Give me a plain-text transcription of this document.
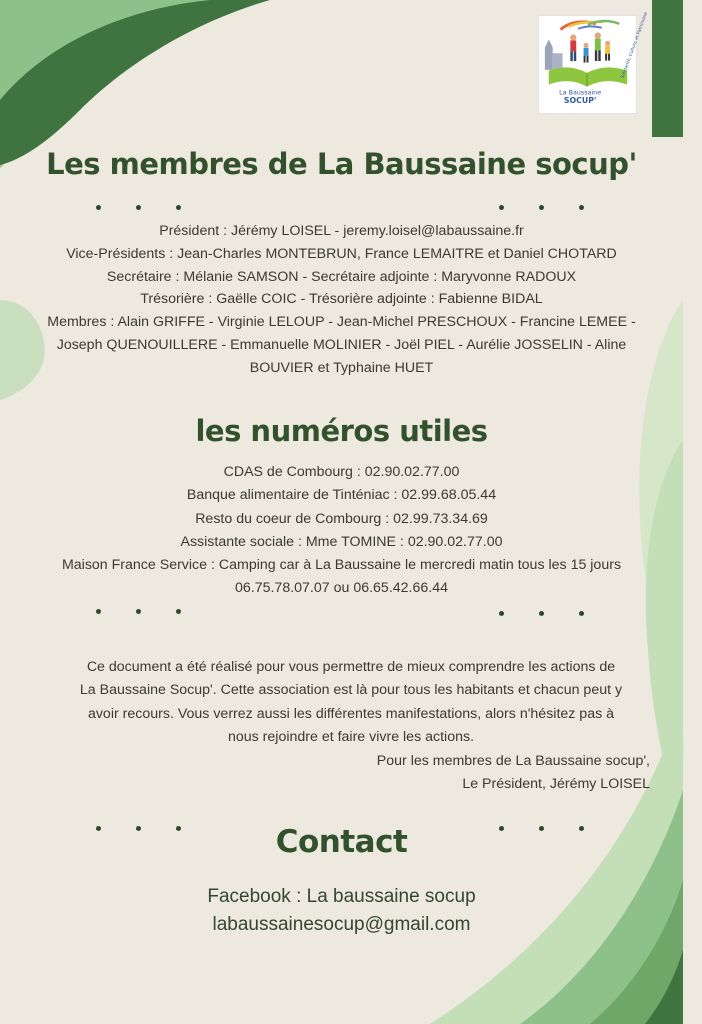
La Baussaine
SOCUP'
Solidarité, Culture et Patrimoine
Les membres de La Baussaine socup'
Président : Jérémy LOISEL - jeremy.loisel@labaussaine.fr
Vice-Présidents : Jean-Charles MONTEBRUN, France LEMAITRE et Daniel CHOTARD
Secrétaire : Mélanie SAMSON - Secrétaire adjointe : Maryvonne RADOUX
Trésorière : Gaëlle COIC - Trésorière adjointe : Fabienne BIDAL
Membres : Alain GRIFFE - Virginie LELOUP - Jean-Michel PRESCHOUX - Francine LEMEE -
Joseph QUENOUILLERE - Emmanuelle MOLINIER - Joël PIEL - Aurélie JOSSELIN - Aline
BOUVIER et Typhaine HUET
les numéros utiles
CDAS de Combourg : 02.90.02.77.00
Banque alimentaire de Tinténiac : 02.99.68.05.44
Resto du coeur de Combourg : 02.99.73.34.69
Assistante sociale : Mme TOMINE : 02.90.02.77.00
Maison France Service : Camping car à La Baussaine le mercredi matin tous les 15 jours
06.75.78.07.07 ou 06.65.42.66.44
Ce document a été réalisé pour vous permettre de mieux comprendre les actions de
La Baussaine Socup'. Cette association est là pour tous les habitants et chacun peut y
avoir recours. Vous verrez aussi les différentes manifestations, alors n'hésitez pas à
nous rejoindre et faire vivre les actions.
Pour les membres de La Baussaine socup',
Le Président, Jérémy LOISEL
Contact
Facebook : La baussaine socup
labaussainesocup@gmail.com
